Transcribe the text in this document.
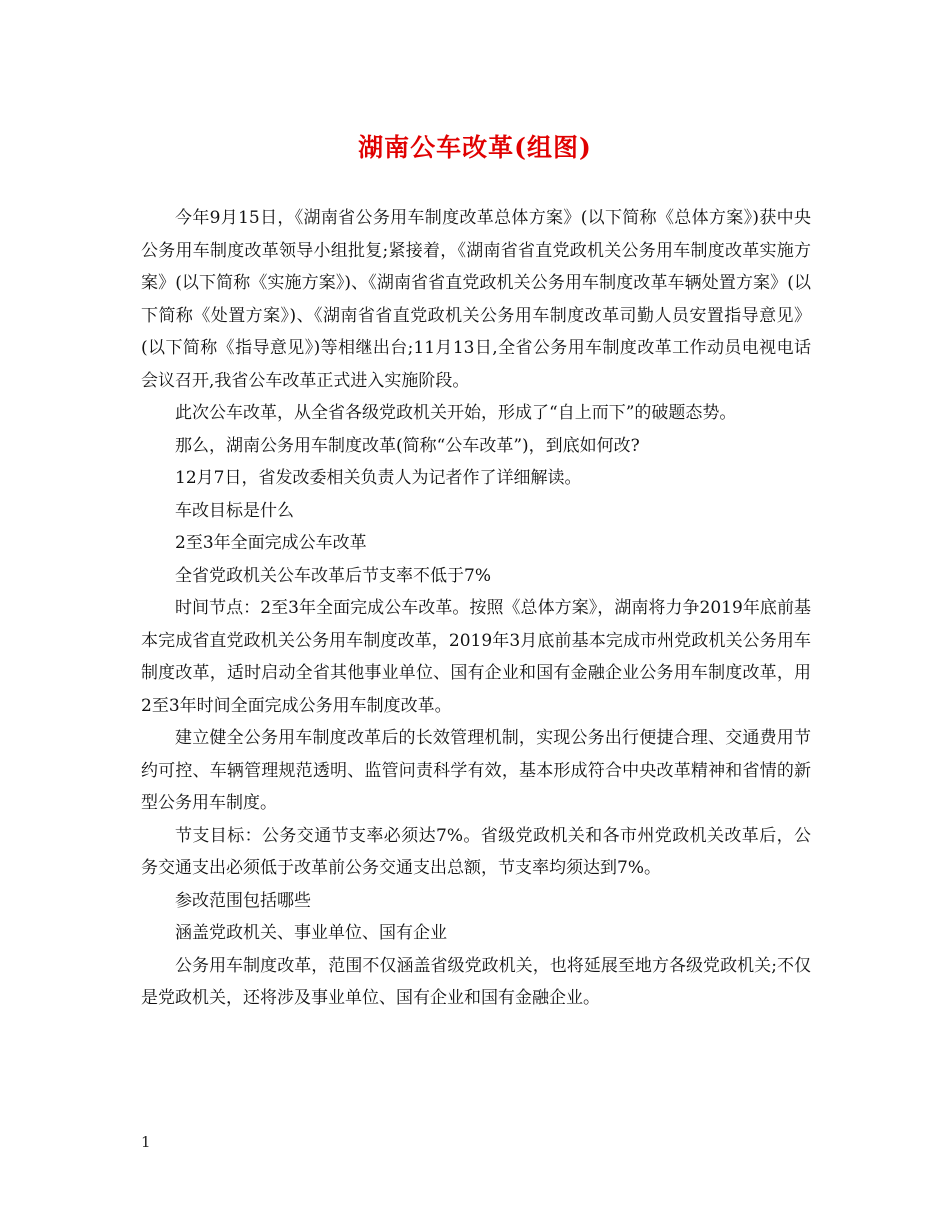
湖南公车改革(组图)

今年9月15日，《湖南省公务用车制度改革总体方案》(以下简称《总体方案》)获中央公务用车制度改革领导小组批复;紧接着，《湖南省省直党政机关公务用车制度改革实施方案》(以下简称《实施方案》)、《湖南省省直党政机关公务用车制度改革车辆处置方案》(以下简称《处置方案》)、《湖南省省直党政机关公务用车制度改革司勤人员安置指导意见》(以下简称《指导意见》)等相继出台;11月13日,全省公务用车制度改革工作动员电视电话会议召开,我省公车改革正式进入实施阶段。

此次公车改革，从全省各级党政机关开始，形成了“自上而下”的破题态势。

那么，湖南公务用车制度改革(简称“公车改革”)，到底如何改?

12月7日，省发改委相关负责人为记者作了详细解读。

车改目标是什么

2至3年全面完成公车改革

全省党政机关公车改革后节支率不低于7%

时间节点：2至3年全面完成公车改革。按照《总体方案》，湖南将力争2019年底前基本完成省直党政机关公务用车制度改革，2019年3月底前基本完成市州党政机关公务用车制度改革，适时启动全省其他事业单位、国有企业和国有金融企业公务用车制度改革，用2至3年时间全面完成公务用车制度改革。

建立健全公务用车制度改革后的长效管理机制，实现公务出行便捷合理、交通费用节约可控、车辆管理规范透明、监管问责科学有效，基本形成符合中央改革精神和省情的新型公务用车制度。

节支目标：公务交通节支率必须达7%。省级党政机关和各市州党政机关改革后，公务交通支出必须低于改革前公务交通支出总额，节支率均须达到7%。

参改范围包括哪些

涵盖党政机关、事业单位、国有企业

公务用车制度改革，范围不仅涵盖省级党政机关，也将延展至地方各级党政机关;不仅是党政机关，还将涉及事业单位、国有企业和国有金融企业。

1
